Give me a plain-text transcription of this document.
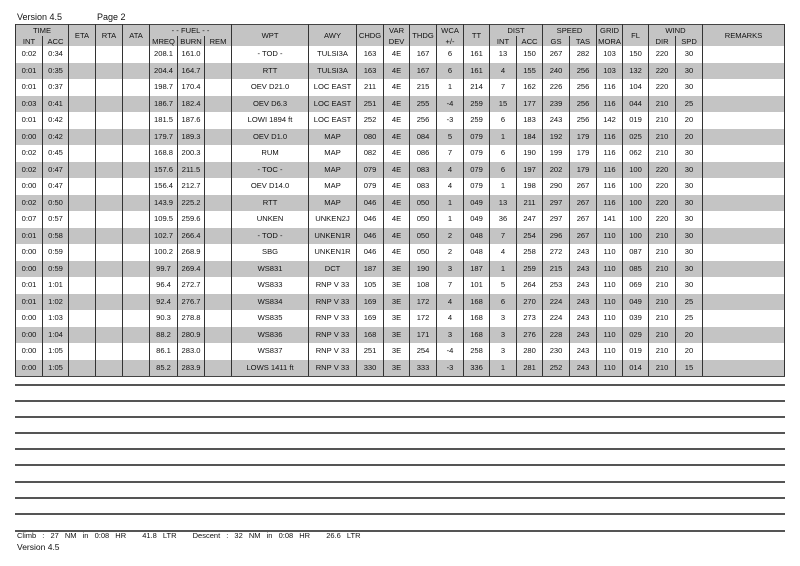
Version 4.5	Page 2
TIME		ETA	RTA	ATA	- - FUEL - -			WPT	AWY	CHDG	VAR	THDG	WCA	TT	DIST		SPEED		GRID	FL	WIND		REMARKS
INT	ACC				MREQ	BURN	REM				DEV		+/-		INT	ACC	GS	TAS	MORA		DIR	SPD	
0:02	0:34				208.1	161.0		- TOD -	TULSI3A	163	4E	167	6	161	13	150	267	282	103	150	220	30	
0:01	0:35				204.4	164.7		RTT	TULSI3A	163	4E	167	6	161	4	155	240	256	103	132	220	30	
0:01	0:37				198.7	170.4		OEV D21.0	LOC EAST	211	4E	215	1	214	7	162	226	256	116	104	220	30	
0:03	0:41				186.7	182.4		OEV D6.3	LOC EAST	251	4E	255	-4	259	15	177	239	256	116	044	210	25	
0:01	0:42				181.5	187.6		LOWI 1894 ft	LOC EAST	252	4E	256	-3	259	6	183	243	256	142	019	210	20	
0:00	0:42				179.7	189.3		OEV D1.0	MAP	080	4E	084	5	079	1	184	192	179	116	025	210	20	
0:02	0:45				168.8	200.3		RUM	MAP	082	4E	086	7	079	6	190	199	179	116	062	210	30	
0:02	0:47				157.6	211.5		- TOC -	MAP	079	4E	083	4	079	6	197	202	179	116	100	220	30	
0:00	0:47				156.4	212.7		OEV D14.0	MAP	079	4E	083	4	079	1	198	290	267	116	100	220	30	
0:02	0:50				143.9	225.2		RTT	MAP	046	4E	050	1	049	13	211	297	267	116	100	220	30	
0:07	0:57				109.5	259.6		UNKEN	UNKEN2J	046	4E	050	1	049	36	247	297	267	141	100	220	30	
0:01	0:58				102.7	266.4		- TOD -	UNKEN1R	046	4E	050	2	048	7	254	296	267	110	100	210	30	
0:00	0:59				100.2	268.9		SBG	UNKEN1R	046	4E	050	2	048	4	258	272	243	110	087	210	30	
0:00	0:59				99.7	269.4		WS831	DCT	187	3E	190	3	187	1	259	215	243	110	085	210	30	
0:01	1:01				96.4	272.7		WS833	RNP V 33	105	3E	108	7	101	5	264	253	243	110	069	210	30	
0:01	1:02				92.4	276.7		WS834	RNP V 33	169	3E	172	4	168	6	270	224	243	110	049	210	25	
0:00	1:03				90.3	278.8		WS835	RNP V 33	169	3E	172	4	168	3	273	224	243	110	039	210	25	
0:00	1:04				88.2	280.9		WS836	RNP V 33	168	3E	171	3	168	3	276	228	243	110	029	210	20	
0:00	1:05				86.1	283.0		WS837	RNP V 33	251	3E	254	-4	258	3	280	230	243	110	019	210	20	
0:00	1:05				85.2	283.9		LOWS 1411 ft	RNP V 33	330	3E	333	-3	336	1	281	252	243	110	014	210	15	
Climb : 27 NM in 0:08 HR 41.8 LTR Descent : 32 NM in 0:08 HR 26.6 LTR
Version 4.5
